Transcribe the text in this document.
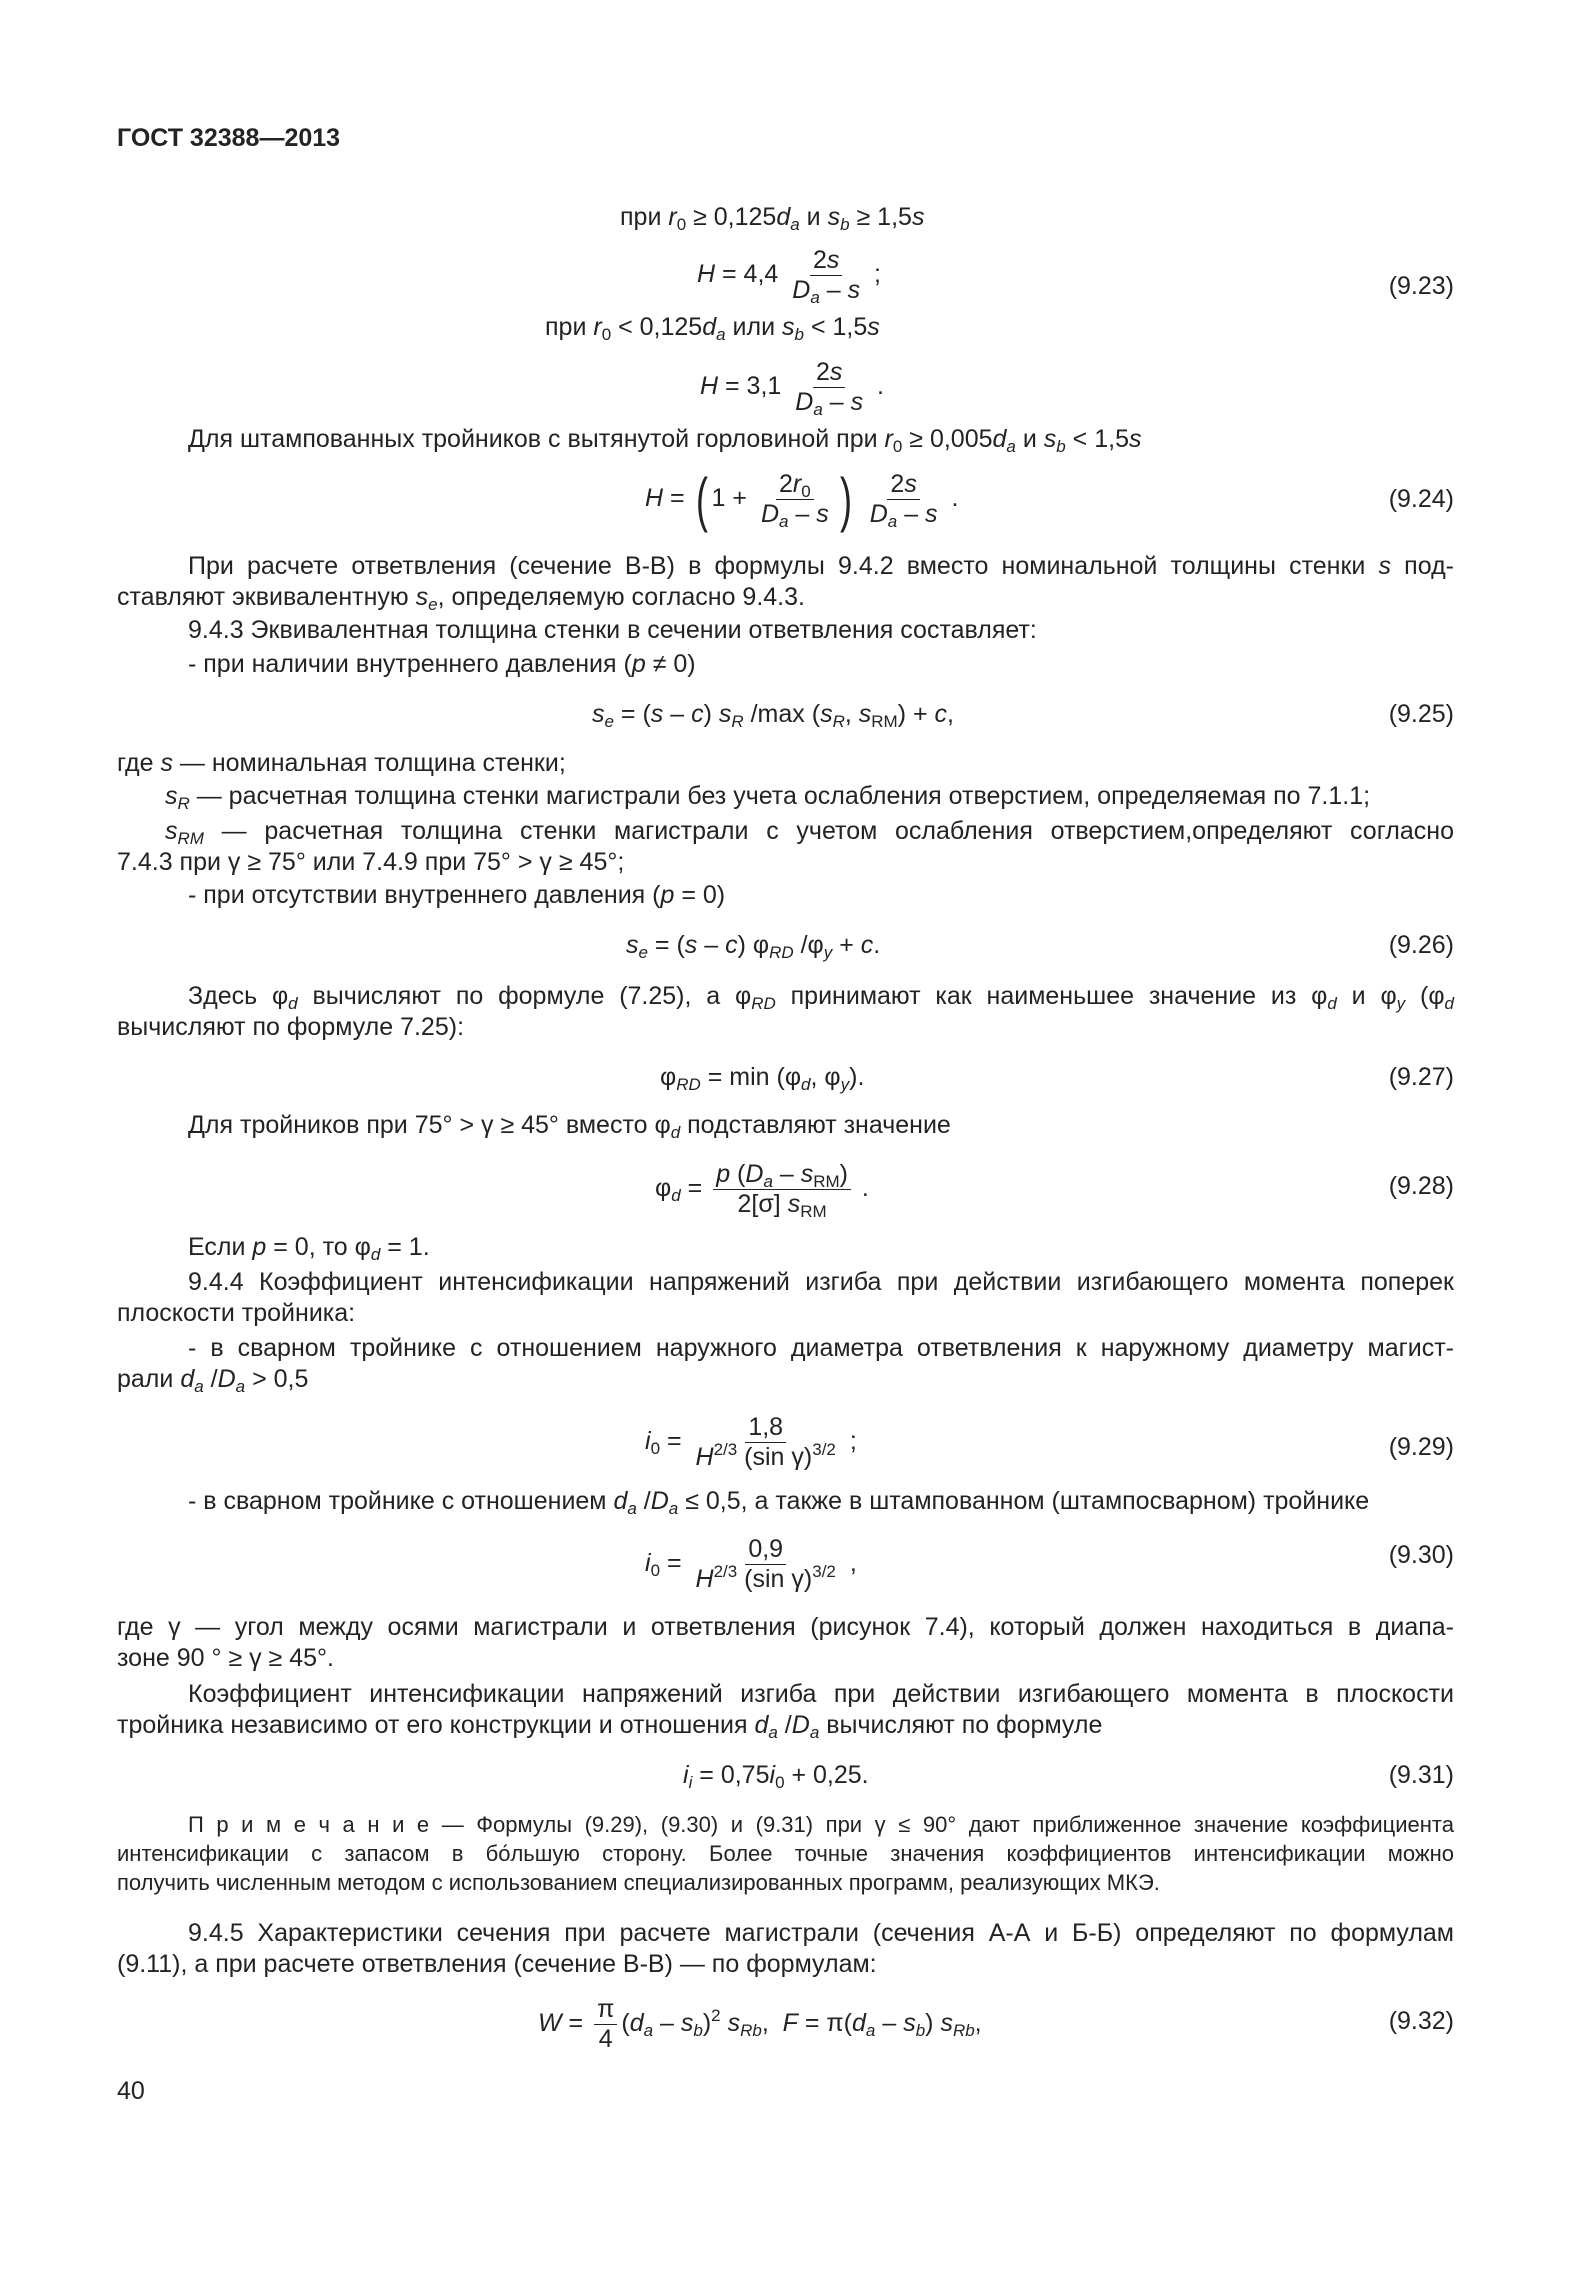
ГОСТ 32388—2013
при $r_0 \ge 0,125d_a$ и $s_b \ge 1,5s$
$H = 4,4 \frac{2s}{D_a - s}$ ;	(9.23)
при $r_0 < 0,125d_a$ или $s_b < 1,5s$
$H = 3,1 \frac{2s}{D_a - s}$ .
Для штампованных тройников с вытянутой горловиной при $r_0 \ge 0,005d_a$ и $s_b < 1,5s$
H = ( $1 + \frac{2r_0}{D_a - s}$ ) $\frac{2s}{D_a - s}$ .	(9.24)
При расчете ответвления (сечение В-В) в формулы 9.4.2 вместо номинальной толщины стенки s под-
ставляют эквивалентную $s_e$, определяемую согласно 9.4.3.
9.4.3 Эквивалентная толщина стенки в сечении ответвления составляет:
- при наличии внутреннего давления (p ≠ 0)
$s_e = (s - c)$ $s_R$ /max ($s_R$, $s_{RM}) + c$,	(9.25)
где s — номинальная толщина стенки;
$s_R$ — расчетная толщина стенки магистрали без учета ослабления отверстием, определяемая по 7.1.1;
$s_{RM}$ — расчетная толщина стенки магистрали с учетом ослабления отверстием,определяют согласно
7.4.3 при γ ≥ 75° или 7.4.9 при 75° > γ ≥ 45°;
- при отсутствии внутреннего давления (p = 0)
$s_e = (s - c)$ $\varphi_{RD}$ $/\varphi_y + c$.	(9.26)
Здесь $\varphi_d$ вычисляют по формуле (7.25), а $\varphi_{RD}$ принимают как наименьшее значение из $\varphi_d$ и $\varphi_y$ ($\varphi_d$
вычисляют по формуле 7.25):
$\varphi_{RD} = \min (\varphi_d$, $\varphi_y$).	(9.27)
Для тройников при 75° > γ ≥ 45° вместо $\varphi_d$ подставляют значение
$\varphi_d = \frac{p (D_a - s_{RM})}{2[\sigma] s_{RM}}$ .	(9.28)
Если p = 0, то $\varphi_d = 1$.
9.4.4 Коэффициент интенсификации напряжений изгиба при действии изгибающего момента поперек
плоскости тройника:
- в сварном тройнике с отношением наружного диаметра ответвления к наружному диаметру магист-
рали $d_a$ $/D_a > 0,5$
$i_0 = \frac{1,8}{H^{2/3} (\sin \gamma)^{3/2}}$ ;	(9.29)
- в сварном тройнике с отношением $d_a$ $/D_a \le 0,5$, а также в штампованном (штампосварном) тройнике
$i_0 = \frac{0,9}{H^{2/3} (\sin \gamma)^{3/2}}$ ,	(9.30)
где γ — угол между осями магистрали и ответвления (рисунок 7.4), который должен находиться в диапа-
зоне 90 ° ≥ γ ≥ 45°.
Коэффициент интенсификации напряжений изгиба при действии изгибающего момента в плоскости
тройника независимо от его конструкции и отношения $d_a$ $/D_a$ вычисляют по формуле
$i_i = 0,75i_0 + 0,25$.	(9.31)
П р и м е ч а н и е — Формулы (9.29), (9.30) и (9.31) при γ ≤ 90° дают приближенное значение коэффициента
интенсификации с запасом в бо́льшую сторону. Более точные значения коэффициентов интенсификации можно
получить численным методом с использованием специализированных программ, реализующих МКЭ.
9.4.5 Характеристики сечения при расчете магистрали (сечения А-А и Б-Б) определяют по формулам
(9.11), а при расчете ответвления (сечение В-В) — по формулам:
$W = \frac{\pi}{4} (d_a - s_b)^2$ $s_{Rb}$,  $F = \pi(d_a - s_b)$ $s_{Rb}$,	(9.32)
40
